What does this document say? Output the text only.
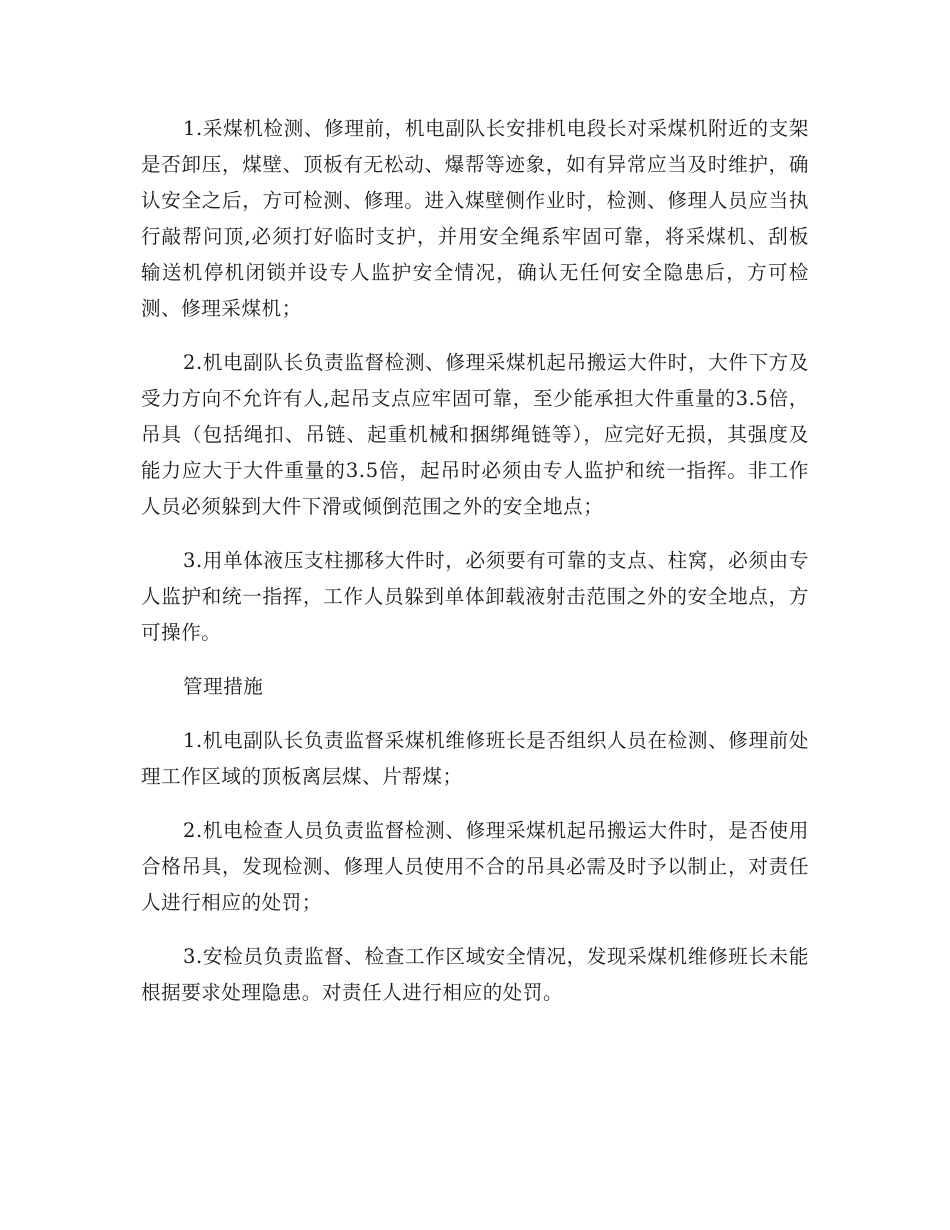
1.采煤机检测、修理前，机电副队长安排机电段长对采煤机附近的支架是否卸压，煤壁、顶板有无松动、爆帮等迹象，如有异常应当及时维护，确认安全之后，方可检测、修理。进入煤壁侧作业时，检测、修理人员应当执行敲帮问顶,必须打好临时支护，并用安全绳系牢固可靠，将采煤机、刮板输送机停机闭锁并设专人监护安全情况，确认无任何安全隐患后，方可检测、修理采煤机；

2.机电副队长负责监督检测、修理采煤机起吊搬运大件时，大件下方及受力方向不允许有人,起吊支点应牢固可靠，至少能承担大件重量的3.5倍，吊具（包括绳扣、吊链、起重机械和捆绑绳链等），应完好无损，其强度及能力应大于大件重量的3.5倍，起吊时必须由专人监护和统一指挥。非工作人员必须躲到大件下滑或倾倒范围之外的安全地点；

3.用单体液压支柱挪移大件时，必须要有可靠的支点、柱窝，必须由专人监护和统一指挥，工作人员躲到单体卸载液射击范围之外的安全地点，方可操作。

管理措施

1.机电副队长负责监督采煤机维修班长是否组织人员在检测、修理前处理工作区域的顶板离层煤、片帮煤；

2.机电检查人员负责监督检测、修理采煤机起吊搬运大件时，是否使用合格吊具，发现检测、修理人员使用不合的吊具必需及时予以制止，对责任人进行相应的处罚；

3.安检员负责监督、检查工作区域安全情况，发现采煤机维修班长未能根据要求处理隐患。对责任人进行相应的处罚。
